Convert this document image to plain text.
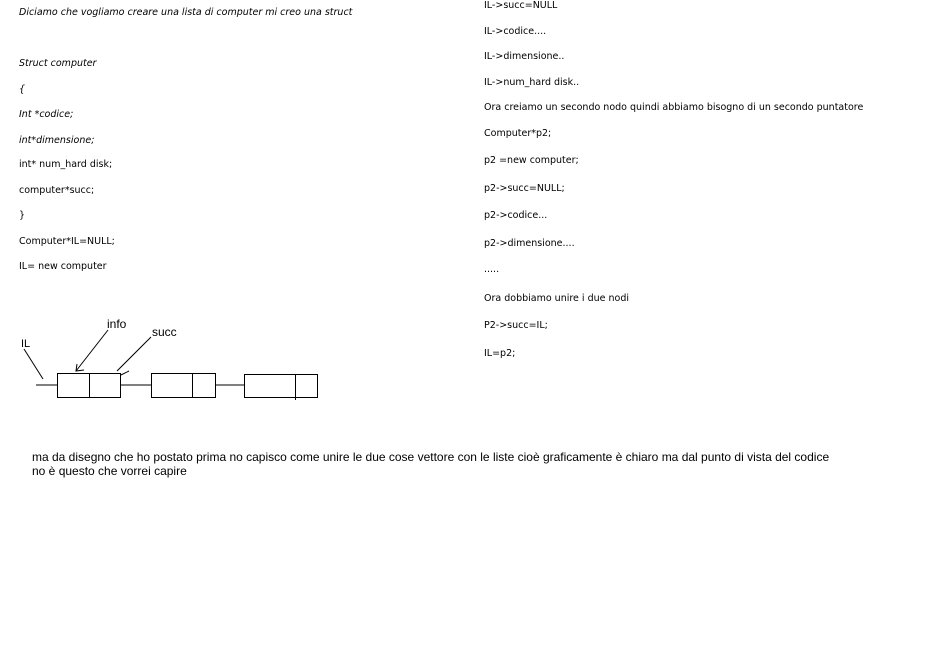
Diciamo che vogliamo creare una lista di computer mi creo una struct
Struct computer
{
Int *codice;
int*dimensione;
int* num_hard disk;
computer*succ;
}
Computer*IL=NULL;
IL= new computer
IL->succ=NULL
IL->codice....
IL->dimensione..
IL->num_hard disk..
Ora creiamo un secondo nodo quindi abbiamo bisogno di un secondo puntatore
Computer*p2;
p2 =new computer;
p2->succ=NULL;
p2->codice...
p2->dimensione....
.....
Ora dobbiamo unire i due nodi
P2->succ=IL;
IL=p2;
IL
info
succ
ma da disegno che ho postato prima no capisco come unire le due cose vettore con le liste cioè graficamente è chiaro ma dal punto di vista del codice
no è questo che vorrei capire
